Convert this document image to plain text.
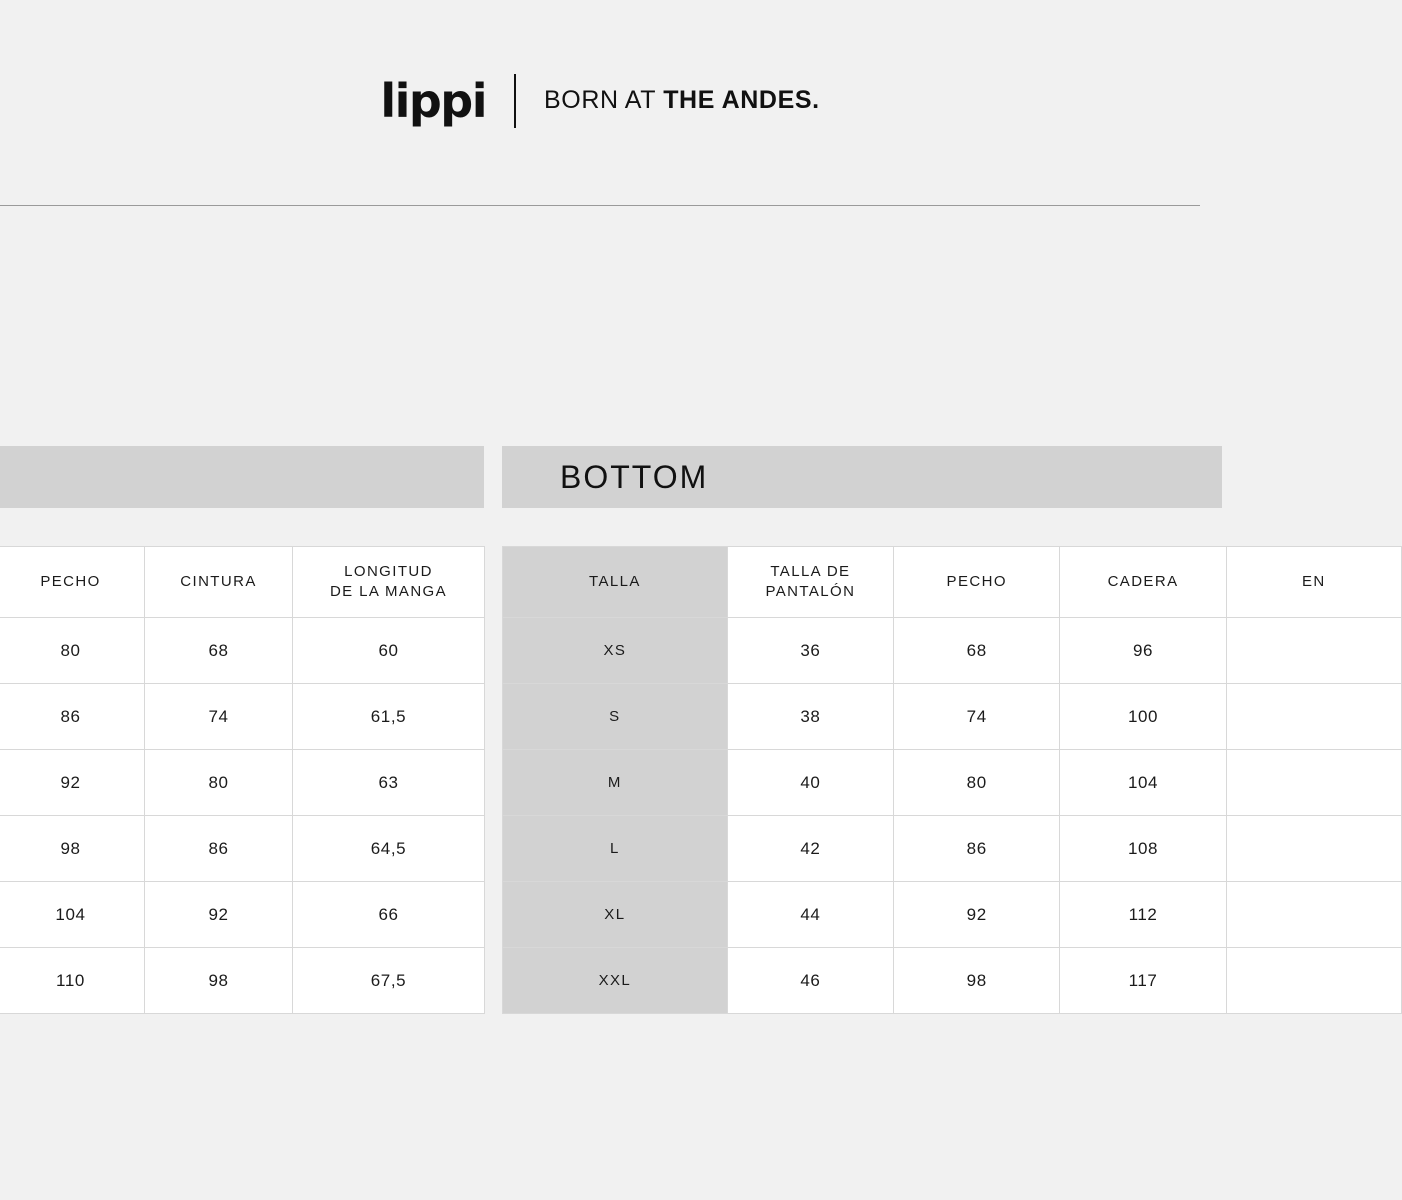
lippi BORN AT THE ANDES.
	PECHO	CINTURA	LONGITUD
DE LA MANGA
	80	68	60
	86	74	61,5
	92	80	63
	98	86	64,5
	104	92	66
	110	98	67,5
BOTTOM
TALLA	TALLA DE
PANTALÓN	PECHO	CADERA	EN
XS	36	68	96	
S	38	74	100	
M	40	80	104	
L	42	86	108	
XL	44	92	112	
XXL	46	98	117	
